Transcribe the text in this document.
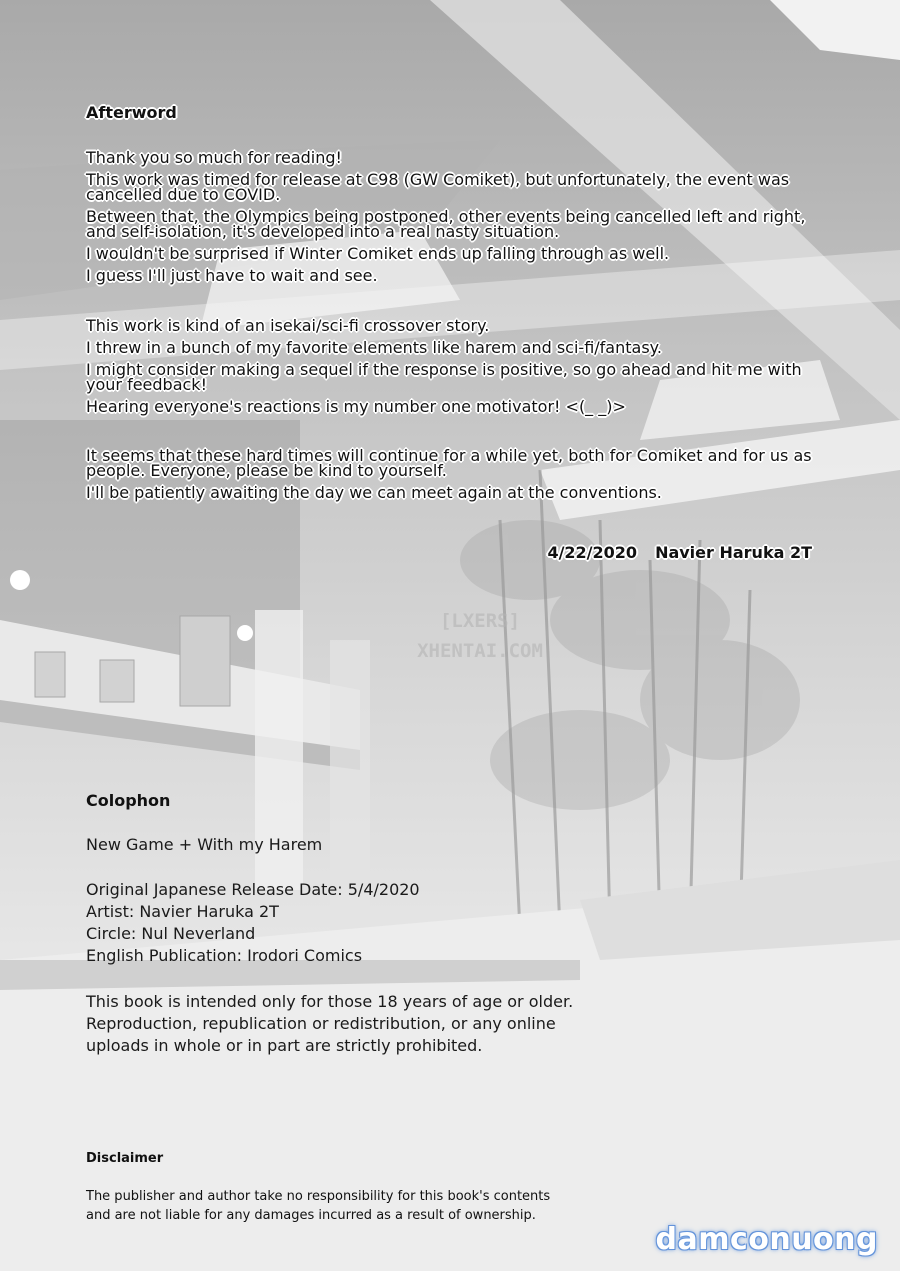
Afterword

Thank you so much for reading!

This work was timed for release at C98 (GW Comiket), but unfortunately, the event was cancelled due to COVID.

Between that, the Olympics being postponed, other events being cancelled left and right, and self-isolation, it's developed into a real nasty situation.

I wouldn't be surprised if Winter Comiket ends up falling through as well.

I guess I'll just have to wait and see.

This work is kind of an isekai/sci-fi crossover story.

I threw in a bunch of my favorite elements like harem and sci-fi/fantasy.

I might consider making a sequel if the response is positive, so go ahead and hit me with your feedback!

Hearing everyone's reactions is my number one motivator! <(_ _)>

It seems that these hard times will continue for a while yet, both for Comiket and for us as people. Everyone, please be kind to yourself.

I'll be patiently awaiting the day we can meet again at the conventions.

4/22/2020 Navier Haruka 2T
[LXERS]
XHENTAI.COM
Colophon
New Game + With my Harem
Original Japanese Release Date: 5/4/2020
Artist: Navier Haruka 2T
Circle: Nul Neverland
English Publication: Irodori Comics
This book is intended only for those 18 years of age or older.
Reproduction, republication or redistribution, or any online
uploads in whole or in part are strictly prohibited.
Disclaimer
The publisher and author take no responsibility for this book's contents
and are not liable for any damages incurred as a result of ownership.
damconuong
